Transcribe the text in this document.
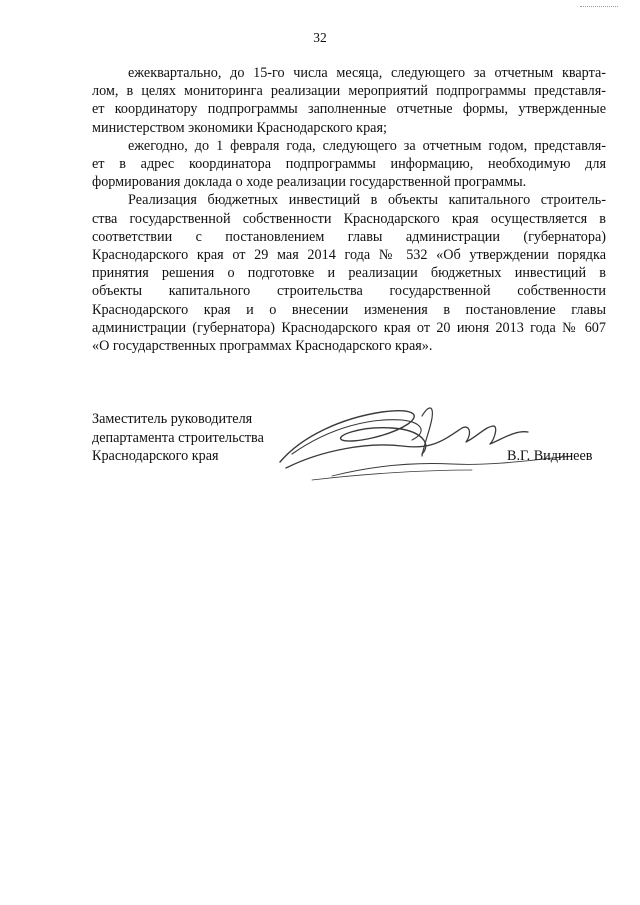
32

ежеквартально, до 15-го числа месяца, следующего за отчетным кварта-
лом, в целях мониторинга реализации мероприятий подпрограммы представля-
ет координатору подпрограммы заполненные отчетные формы, утвержденные
министерством экономики Краснодарского края;

ежегодно, до 1 февраля года, следующего за отчетным годом, представля-
ет в адрес координатора подпрограммы информацию, необходимую для
формирования доклада о ходе реализации государственной программы.

Реализация бюджетных инвестиций в объекты капитального строитель-
ства государственной собственности Краснодарского края осуществляется в
соответствии с постановлением главы администрации (губернатора)
Краснодарского края от 29 мая 2014 года № 532 «Об утверждении порядка
принятия решения о подготовке и реализации бюджетных инвестиций в
объекты капитального строительства государственной собственности
Краснодарского края и о внесении изменения в постановление главы
администрации (губернатора) Краснодарского края от 20 июня 2013 года № 607
«О государственных программах Краснодарского края».

Заместитель руководителя
департамента строительства
Краснодарского края	В.Г. Видинеев
